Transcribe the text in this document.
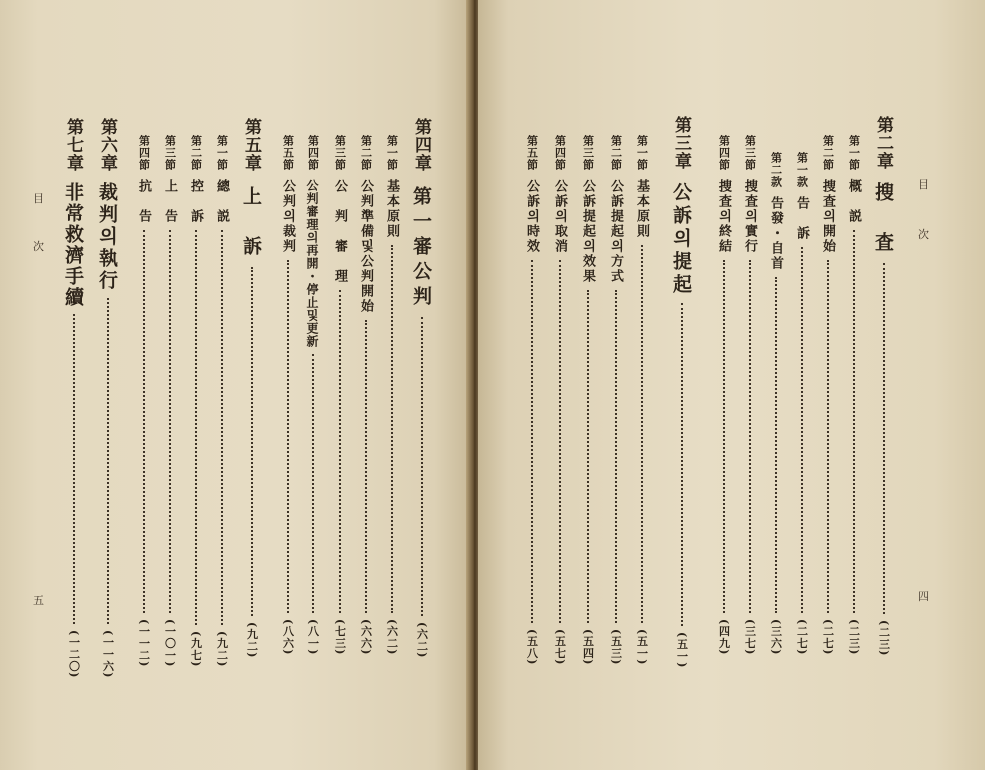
目
次
五
第四章
第一審公判
(六二)
第一節
基本原則
(六二)
第二節
公判準備및公判開始
(六六)
第三節
公　判　審　理
(七三)
第四節
公判審理의再開・停止및更新
(八一)
第五節
公判의裁判
(八六)
第五章
上　訴
(九二)
第一節
總　説
(九二)
第二節
控　訴
(九七)
第三節
上　告
(一〇一)
第四節
抗　告
(一一二)
第六章
裁判의執行
(一一六)
第七章
非常救濟手續
(一二〇)
目
次
四
第二章
搜　査
(二三)
第一節
概　説
(二三)
第二節
捜査의開始
(二七)
第一款
告　訴
(二七)
第二款
告發・自首
(三六)
第三節
捜査의實行
(三七)
第四節
捜査의終結
(四九)
第三章
公訴의提起
(五一)
第一節
基本原則
(五一)
第二節
公訴提起의方式
(五三)
第三節
公訴提起의效果
(五四)
第四節
公訴의取消
(五七)
第五節
公訴의時效
(五八)
